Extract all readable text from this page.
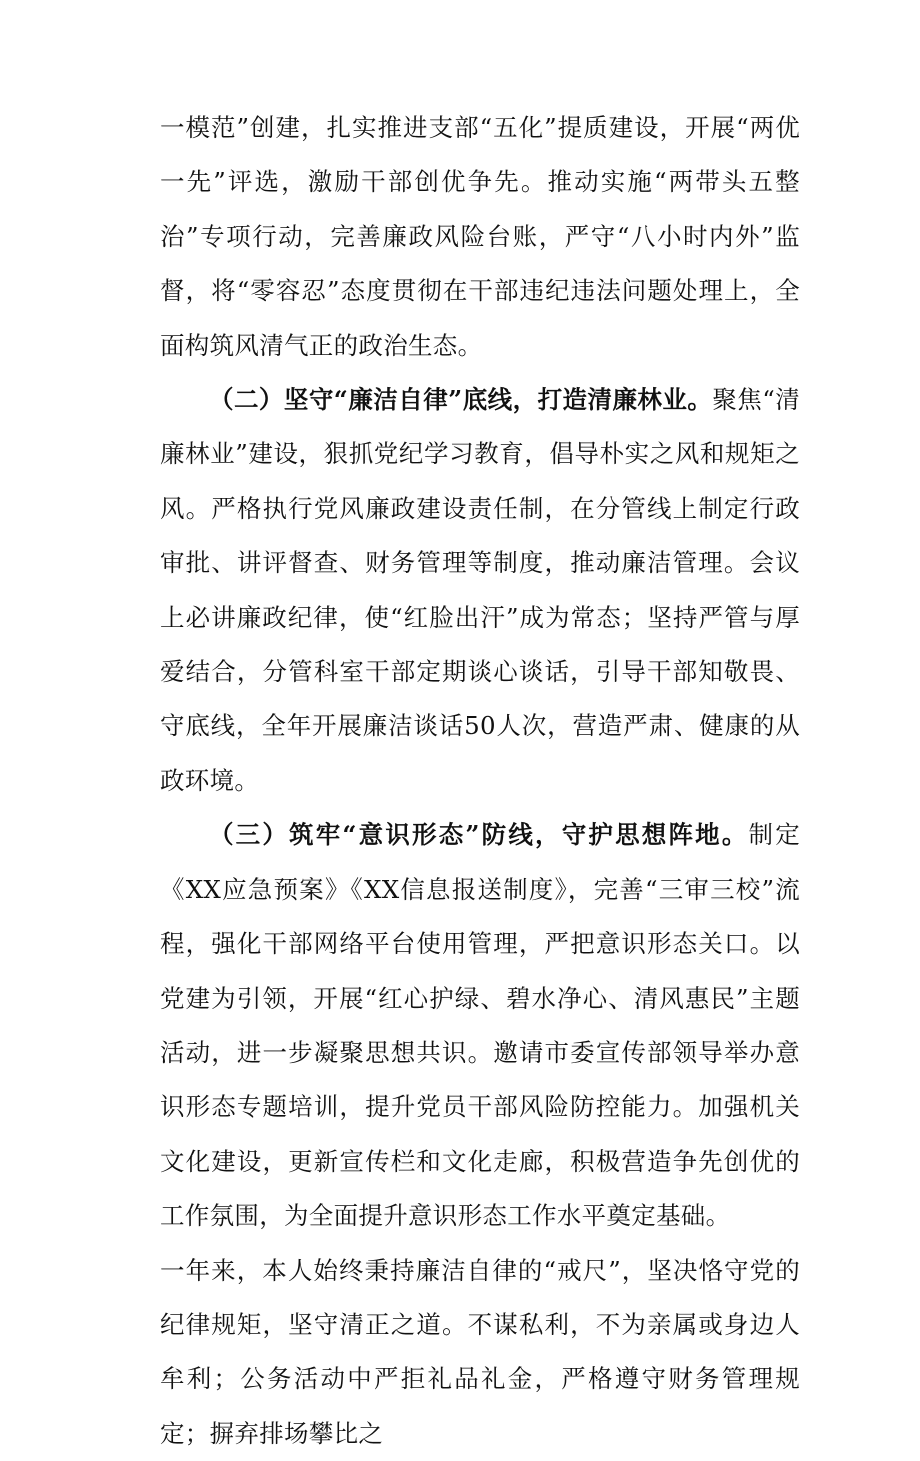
一模范”创建，扎实推进支部“五化”提质建设，开展“两优一先”评选，激励干部创优争先。推动实施“两带头五整治”专项行动，完善廉政风险台账，严守“八小时内外”监督，将“零容忍”态度贯彻在干部违纪违法问题处理上，全面构筑风清气正的政治生态。

（二）坚守“廉洁自律”底线，打造清廉林业。聚焦“清廉林业”建设，狠抓党纪学习教育，倡导朴实之风和规矩之风。严格执行党风廉政建设责任制，在分管线上制定行政审批、讲评督查、财务管理等制度，推动廉洁管理。会议上必讲廉政纪律，使“红脸出汗”成为常态；坚持严管与厚爱结合，分管科室干部定期谈心谈话，引导干部知敬畏、守底线，全年开展廉洁谈话50人次，营造严肃、健康的从政环境。

（三）筑牢“意识形态”防线，守护思想阵地。制定《XX应急预案》《XX信息报送制度》，完善“三审三校”流程，强化干部网络平台使用管理，严把意识形态关口。以党建为引领，开展“红心护绿、碧水净心、清风惠民”主题活动，进一步凝聚思想共识。邀请市委宣传部领导举办意识形态专题培训，提升党员干部风险防控能力。加强机关文化建设，更新宣传栏和文化走廊，积极营造争先创优的工作氛围，为全面提升意识形态工作水平奠定基础。

一年来，本人始终秉持廉洁自律的“戒尺”，坚决恪守党的纪律规矩，坚守清正之道。不谋私利，不为亲属或身边人牟利；公务活动中严拒礼品礼金，严格遵守财务管理规定；摒弃排场攀比之
